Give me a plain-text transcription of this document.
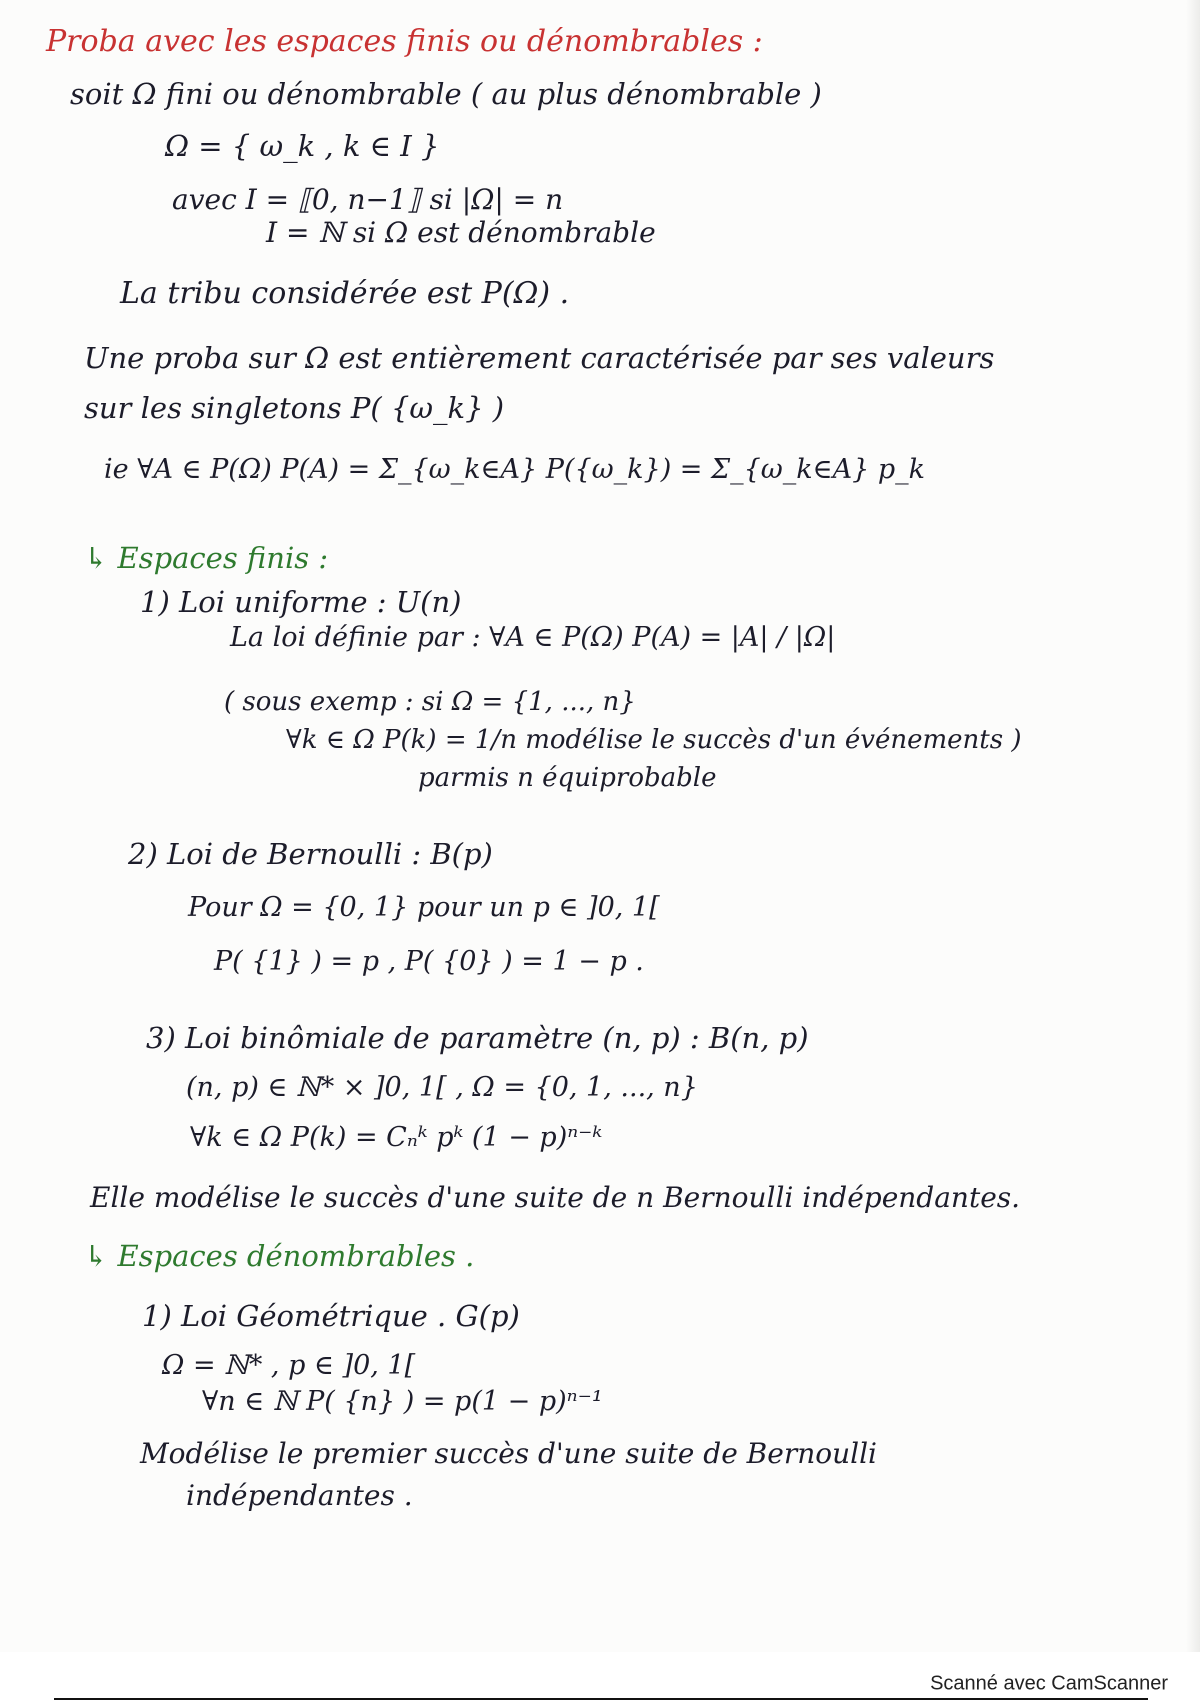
Proba avec les espaces finis ou dénombrables :
soit Ω fini ou dénombrable ( au plus dénombrable )
Ω = { ω_k , k ∈ I }
avec I = ⟦0, n−1⟧ si |Ω| = n
I = ℕ si Ω est dénombrable
La tribu considérée est P(Ω) .
Une proba sur Ω est entièrement caractérisée par ses valeurs
sur les singletons P( {ω_k} )
ie ∀A ∈ P(Ω) P(A) = Σ_{ω_k∈A} P({ω_k}) = Σ_{ω_k∈A} p_k
↳ Espaces finis :
1) Loi uniforme : U(n)
La loi définie par : ∀A ∈ P(Ω) P(A) = |A| / |Ω|
( sous exemp : si Ω = {1, ..., n}
∀k ∈ Ω P(k) = 1/n modélise le succès d'un événements )
parmis n équiprobable
2) Loi de Bernoulli : B(p)
Pour Ω = {0, 1} pour un p ∈ ]0, 1[
P( {1} ) = p , P( {0} ) = 1 − p .
3) Loi binômiale de paramètre (n, p) : B(n, p)
(n, p) ∈ ℕ* × ]0, 1[ , Ω = {0, 1, ..., n}
∀k ∈ Ω P(k) = Cₙᵏ pᵏ (1 − p)ⁿ⁻ᵏ
Elle modélise le succès d'une suite de n Bernoulli indépendantes.
↳ Espaces dénombrables .
1) Loi Géométrique . G(p)
Ω = ℕ* , p ∈ ]0, 1[
∀n ∈ ℕ P( {n} ) = p(1 − p)ⁿ⁻¹
Modélise le premier succès d'une suite de Bernoulli
indépendantes .
Scanné avec CamScanner
